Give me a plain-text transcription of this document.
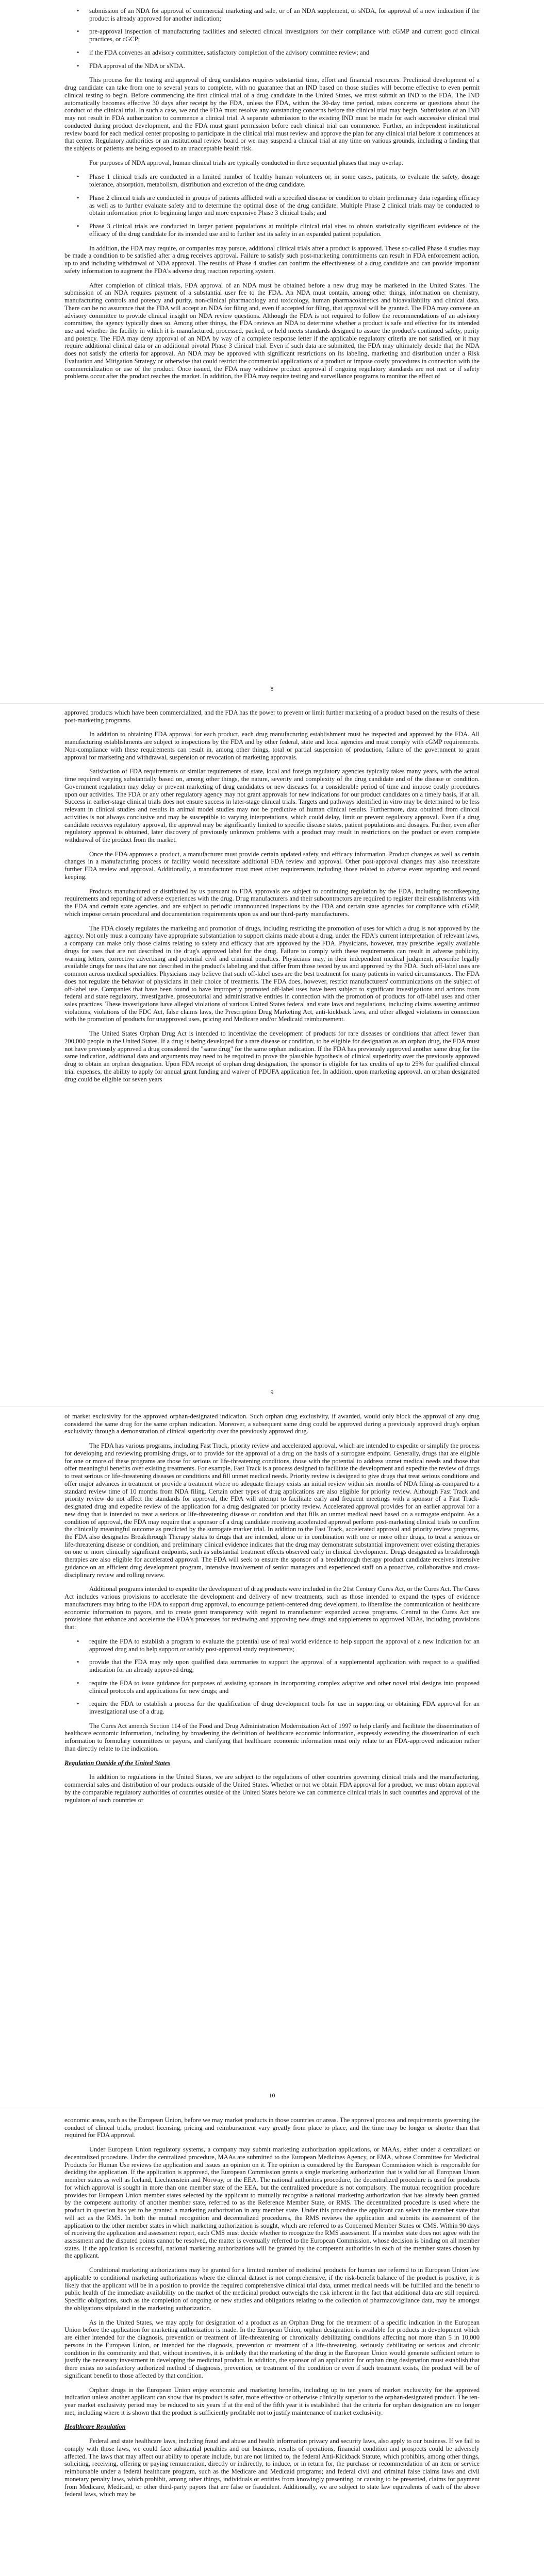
• submission of an NDA for approval of commercial marketing and sale, or of an NDA supplement, or sNDA, for approval of a new indication if the product is already approved for another indication;
• pre-approval inspection of manufacturing facilities and selected clinical investigators for their compliance with cGMP and current good clinical practices, or cGCP;
• if the FDA convenes an advisory committee, satisfactory completion of the advisory committee review; and
• FDA approval of the NDA or sNDA.

This process for the testing and approval of drug candidates requires substantial time, effort and financial resources. Preclinical development of a drug candidate can take from one to several years to complete, with no guarantee that an IND based on those studies will become effective to even permit clinical testing to begin. Before commencing the first clinical trial of a drug candidate in the United States, we must submit an IND to the FDA. The IND automatically becomes effective 30 days after receipt by the FDA, unless the FDA, within the 30-day time period, raises concerns or questions about the conduct of the clinical trial. In such a case, we and the FDA must resolve any outstanding concerns before the clinical trial may begin. Submission of an IND may not result in FDA authorization to commence a clinical trial. A separate submission to the existing IND must be made for each successive clinical trial conducted during product development, and the FDA must grant permission before each clinical trial can commence. Further, an independent institutional review board for each medical center proposing to participate in the clinical trial must review and approve the plan for any clinical trial before it commences at that center. Regulatory authorities or an institutional review board or we may suspend a clinical trial at any time on various grounds, including a finding that the subjects or patients are being exposed to an unacceptable health risk.

For purposes of NDA approval, human clinical trials are typically conducted in three sequential phases that may overlap.

• Phase 1 clinical trials are conducted in a limited number of healthy human volunteers or, in some cases, patients, to evaluate the safety, dosage tolerance, absorption, metabolism, distribution and excretion of the drug candidate.
• Phase 2 clinical trials are conducted in groups of patients afflicted with a specified disease or condition to obtain preliminary data regarding efficacy as well as to further evaluate safety and to determine the optimal dose of the drug candidate. Multiple Phase 2 clinical trials may be conducted to obtain information prior to beginning larger and more expensive Phase 3 clinical trials; and
• Phase 3 clinical trials are conducted in larger patient populations at multiple clinical trial sites to obtain statistically significant evidence of the efficacy of the drug candidate for its intended use and to further test its safety in an expanded patient population.

In addition, the FDA may require, or companies may pursue, additional clinical trials after a product is approved. These so-called Phase 4 studies may be made a condition to be satisfied after a drug receives approval. Failure to satisfy such post-marketing commitments can result in FDA enforcement action, up to and including withdrawal of NDA approval. The results of Phase 4 studies can confirm the effectiveness of a drug candidate and can provide important safety information to augment the FDA's adverse drug reaction reporting system.

After completion of clinical trials, FDA approval of an NDA must be obtained before a new drug may be marketed in the United States. The submission of an NDA requires payment of a substantial user fee to the FDA. An NDA must contain, among other things, information on chemistry, manufacturing controls and potency and purity, non-clinical pharmacology and toxicology, human pharmacokinetics and bioavailability and clinical data. There can be no assurance that the FDA will accept an NDA for filing and, even if accepted for filing, that approval will be granted. The FDA may convene an advisory committee to provide clinical insight on NDA review questions. Although the FDA is not required to follow the recommendations of an advisory committee, the agency typically does so. Among other things, the FDA reviews an NDA to determine whether a product is safe and effective for its intended use and whether the facility in which it is manufactured, processed, packed, or held meets standards designed to assure the product's continued safety, purity and potency. The FDA may deny approval of an NDA by way of a complete response letter if the applicable regulatory criteria are not satisfied, or it may require additional clinical data or an additional pivotal Phase 3 clinical trial. Even if such data are submitted, the FDA may ultimately decide that the NDA does not satisfy the criteria for approval. An NDA may be approved with significant restrictions on its labeling, marketing and distribution under a Risk Evaluation and Mitigation Strategy or otherwise that could restrict the commercial applications of a product or impose costly procedures in connection with the commercialization or use of the product. Once issued, the FDA may withdraw product approval if ongoing regulatory standards are not met or if safety problems occur after the product reaches the market. In addition, the FDA may require testing and surveillance programs to monitor the effect of

8

approved products which have been commercialized, and the FDA has the power to prevent or limit further marketing of a product based on the results of these post-marketing programs.

In addition to obtaining FDA approval for each product, each drug manufacturing establishment must be inspected and approved by the FDA. All manufacturing establishments are subject to inspections by the FDA and by other federal, state and local agencies and must comply with cGMP requirements. Non-compliance with these requirements can result in, among other things, total or partial suspension of production, failure of the government to grant approval for marketing and withdrawal, suspension or revocation of marketing approvals.

Satisfaction of FDA requirements or similar requirements of state, local and foreign regulatory agencies typically takes many years, with the actual time required varying substantially based on, among other things, the nature, severity and complexity of the drug candidate and of the disease or condition. Government regulation may delay or prevent marketing of drug candidates or new diseases for a considerable period of time and impose costly procedures upon our activities. The FDA or any other regulatory agency may not grant approvals for new indications for our product candidates on a timely basis, if at all. Success in earlier-stage clinical trials does not ensure success in later-stage clinical trials. Targets and pathways identified in vitro may be determined to be less relevant in clinical studies and results in animal model studies may not be predictive of human clinical results. Furthermore, data obtained from clinical activities is not always conclusive and may be susceptible to varying interpretations, which could delay, limit or prevent regulatory approval. Even if a drug candidate receives regulatory approval, the approval may be significantly limited to specific disease states, patient populations and dosages. Further, even after regulatory approval is obtained, later discovery of previously unknown problems with a product may result in restrictions on the product or even complete withdrawal of the product from the market.

Once the FDA approves a product, a manufacturer must provide certain updated safety and efficacy information. Product changes as well as certain changes in a manufacturing process or facility would necessitate additional FDA review and approval. Other post-approval changes may also necessitate further FDA review and approval. Additionally, a manufacturer must meet other requirements including those related to adverse event reporting and record keeping.

Products manufactured or distributed by us pursuant to FDA approvals are subject to continuing regulation by the FDA, including recordkeeping requirements and reporting of adverse experiences with the drug. Drug manufacturers and their subcontractors are required to register their establishments with the FDA and certain state agencies, and are subject to periodic unannounced inspections by the FDA and certain state agencies for compliance with cGMP, which impose certain procedural and documentation requirements upon us and our third-party manufacturers.

The FDA closely regulates the marketing and promotion of drugs, including restricting the promotion of uses for which a drug is not approved by the agency. Not only must a company have appropriate substantiation to support claims made about a drug, under the FDA's current interpretation of relevant laws, a company can make only those claims relating to safety and efficacy that are approved by the FDA. Physicians, however, may prescribe legally available drugs for uses that are not described in the drug's approved label for the drug. Failure to comply with these requirements can result in adverse publicity, warning letters, corrective advertising and potential civil and criminal penalties. Physicians may, in their independent medical judgment, prescribe legally available drugs for uses that are not described in the product's labeling and that differ from those tested by us and approved by the FDA. Such off-label uses are common across medical specialties. Physicians may believe that such off-label uses are the best treatment for many patients in varied circumstances. The FDA does not regulate the behavior of physicians in their choice of treatments. The FDA does, however, restrict manufacturers' communications on the subject of off-label use. Companies that have been found to have improperly promoted off-label uses have been subject to significant investigations and actions from federal and state regulatory, investigative, prosecutorial and administrative entities in connection with the promotion of products for off-label uses and other sales practices. These investigations have alleged violations of various United States federal and state laws and regulations, including claims asserting antitrust violations, violations of the FDC Act, false claims laws, the Prescription Drug Marketing Act, anti-kickback laws, and other alleged violations in connection with the promotion of products for unapproved uses, pricing and Medicare and/or Medicaid reimbursement.

The United States Orphan Drug Act is intended to incentivize the development of products for rare diseases or conditions that affect fewer than 200,000 people in the United States. If a drug is being developed for a rare disease or condition, to be eligible for designation as an orphan drug, the FDA must not have previously approved a drug considered the "same drug" for the same orphan indication. If the FDA has previously approved another same drug for the same indication, additional data and arguments may need to be required to prove the plausible hypothesis of clinical superiority over the previously approved drug to obtain an orphan designation. Upon FDA receipt of orphan drug designation, the sponsor is eligible for tax credits of up to 25% for qualified clinical trial expenses, the ability to apply for annual grant funding and waiver of PDUFA application fee. In addition, upon marketing approval, an orphan designated drug could be eligible for seven years

9

of market exclusivity for the approved orphan-designated indication. Such orphan drug exclusivity, if awarded, would only block the approval of any drug considered the same drug for the same orphan indication. Moreover, a subsequent same drug could be approved during a previously approved drug's orphan exclusivity through a demonstration of clinical superiority over the previously approved drug.

The FDA has various programs, including Fast Track, priority review and accelerated approval, which are intended to expedite or simplify the process for developing and reviewing promising drugs, or to provide for the approval of a drug on the basis of a surrogate endpoint. Generally, drugs that are eligible for one or more of these programs are those for serious or life-threatening conditions, those with the potential to address unmet medical needs and those that offer meaningful benefits over existing treatments. For example, Fast Track is a process designed to facilitate the development and expedite the review of drugs to treat serious or life-threatening diseases or conditions and fill unmet medical needs. Priority review is designed to give drugs that treat serious conditions and offer major advances in treatment or provide a treatment where no adequate therapy exists an initial review within six months of NDA filing as compared to a standard review time of 10 months from NDA filing. Certain other types of drug applications are also eligible for priority review. Although Fast Track and priority review do not affect the standards for approval, the FDA will attempt to facilitate early and frequent meetings with a sponsor of a Fast Track-designated drug and expedite review of the application for a drug designated for priority review. Accelerated approval provides for an earlier approval for a new drug that is intended to treat a serious or life-threatening disease or condition and that fills an unmet medical need based on a surrogate endpoint. As a condition of approval, the FDA may require that a sponsor of a drug candidate receiving accelerated approval perform post-marketing clinical trials to confirm the clinically meaningful outcome as predicted by the surrogate marker trial. In addition to the Fast Track, accelerated approval and priority review programs, the FDA also designates Breakthrough Therapy status to drugs that are intended, alone or in combination with one or more other drugs, to treat a serious or life-threatening disease or condition, and preliminary clinical evidence indicates that the drug may demonstrate substantial improvement over existing therapies on one or more clinically significant endpoints, such as substantial treatment effects observed early in clinical development. Drugs designated as breakthrough therapies are also eligible for accelerated approval. The FDA will seek to ensure the sponsor of a breakthrough therapy product candidate receives intensive guidance on an efficient drug development program, intensive involvement of senior managers and experienced staff on a proactive, collaborative and cross-disciplinary review and rolling review.

Additional programs intended to expedite the development of drug products were included in the 21st Century Cures Act, or the Cures Act. The Cures Act includes various provisions to accelerate the development and delivery of new treatments, such as those intended to expand the types of evidence manufacturers may bring to the FDA to support drug approval, to encourage patient-centered drug development, to liberalize the communication of healthcare economic information to payors, and to create grant transparency with regard to manufacturer expanded access programs. Central to the Cures Act are provisions that enhance and accelerate the FDA's processes for reviewing and approving new drugs and supplements to approved NDAs, including provisions that:

• require the FDA to establish a program to evaluate the potential use of real world evidence to help support the approval of a new indication for an approved drug and to help support or satisfy post-approval study requirements;
• provide that the FDA may rely upon qualified data summaries to support the approval of a supplemental application with respect to a qualified indication for an already approved drug;
• require the FDA to issue guidance for purposes of assisting sponsors in incorporating complex adaptive and other novel trial designs into proposed clinical protocols and applications for new drugs; and
• require the FDA to establish a process for the qualification of drug development tools for use in supporting or obtaining FDA approval for an investigational use of a drug.

The Cures Act amends Section 114 of the Food and Drug Administration Modernization Act of 1997 to help clarify and facilitate the dissemination of healthcare economic information, including by broadening the definition of healthcare economic information, expressly extending the dissemination of such information to formulary committees or payors, and clarifying that healthcare economic information must only relate to an FDA-approved indication rather than directly relate to the indication.

Regulation Outside of the United States

In addition to regulations in the United States, we are subject to the regulations of other countries governing clinical trials and the manufacturing, commercial sales and distribution of our products outside of the United States. Whether or not we obtain FDA approval for a product, we must obtain approval by the comparable regulatory authorities of countries outside of the United States before we can commence clinical trials in such countries and approval of the regulators of such countries or

10

economic areas, such as the European Union, before we may market products in those countries or areas. The approval process and requirements governing the conduct of clinical trials, product licensing, pricing and reimbursement vary greatly from place to place, and the time may be longer or shorter than that required for FDA approval.

Under European Union regulatory systems, a company may submit marketing authorization applications, or MAAs, either under a centralized or decentralized procedure. Under the centralized procedure, MAAs are submitted to the European Medicines Agency, or EMA, whose Committee for Medicinal Products for Human Use reviews the application and issues an opinion on it. The opinion is considered by the European Commission which is responsible for deciding the application. If the application is approved, the European Commission grants a single marketing authorization that is valid for all European Union member states as well as Iceland, Liechtenstein and Norway, or the EEA. The national authorities procedure, the decentralized procedure is used for products for which approval is sought in more than one member state of the EEA, but the centralized procedure is not compulsory. The mutual recognition procedure provides for European Union member states selected by the applicant to mutually recognize a national marketing authorization that has already been granted by the competent authority of another member state, referred to as the Reference Member State, or RMS. The decentralized procedure is used where the product in question has yet to be granted a marketing authorization in any member state. Under this procedure the applicant can select the member state that will act as the RMS. In both the mutual recognition and decentralized procedures, the RMS reviews the application and submits its assessment of the application to the other member states in which marketing authorization is sought, which are referred to as Concerned Member States or CMS. Within 90 days of receiving the application and assessment report, each CMS must decide whether to recognize the RMS assessment. If a member state does not agree with the assessment and the disputed points cannot be resolved, the matter is eventually referred to the European Commission, whose decision is binding on all member states. If the application is successful, national marketing authorizations will be granted by the competent authorities in each of the member states chosen by the applicant.

Conditional marketing authorizations may be granted for a limited number of medicinal products for human use referred to in European Union law applicable to conditional marketing authorizations where the clinical dataset is not comprehensive, if the risk-benefit balance of the product is positive, it is likely that the applicant will be in a position to provide the required comprehensive clinical trial data, unmet medical needs will be fulfilled and the benefit to public health of the immediate availability on the market of the medicinal product outweighs the risk inherent in the fact that additional data are still required. Specific obligations, such as the completion of ongoing or new studies and obligations relating to the collection of pharmacovigilance data, may be amongst the obligations stipulated in the marketing authorization.

As in the United States, we may apply for designation of a product as an Orphan Drug for the treatment of a specific indication in the European Union before the application for marketing authorization is made. In the European Union, orphan designation is available for products in development which are either intended for the diagnosis, prevention or treatment of life-threatening or chronically debilitating conditions affecting not more than 5 in 10,000 persons in the European Union, or intended for the diagnosis, prevention or treatment of a life-threatening, seriously debilitating or serious and chronic condition in the community and that, without incentives, it is unlikely that the marketing of the drug in the European Union would generate sufficient return to justify the necessary investment in developing the medicinal product. In addition, the sponsor of an application for orphan drug designation must establish that there exists no satisfactory authorized method of diagnosis, prevention, or treatment of the condition or even if such treatment exists, the product will be of significant benefit to those affected by that condition.

Orphan drugs in the European Union enjoy economic and marketing benefits, including up to ten years of market exclusivity for the approved indication unless another applicant can show that its product is safer, more effective or otherwise clinically superior to the orphan-designated product. The ten-year market exclusivity period may be reduced to six years if at the end of the fifth year it is established that the criteria for orphan designation are no longer met, including where it is shown that the product is sufficiently profitable not to justify maintenance of market exclusivity.

Healthcare Regulation

Federal and state healthcare laws, including fraud and abuse and health information privacy and security laws, also apply to our business. If we fail to comply with those laws, we could face substantial penalties and our business, results of operations, financial condition and prospects could be adversely affected. The laws that may affect our ability to operate include, but are not limited to, the federal Anti-Kickback Statute, which prohibits, among other things, soliciting, receiving, offering or paying remuneration, directly or indirectly, to induce, or in return for, the purchase or recommendation of an item or service reimbursable under a federal healthcare program, such as the Medicare and Medicaid programs; and federal civil and criminal false claims laws and civil monetary penalty laws, which prohibit, among other things, individuals or entities from knowingly presenting, or causing to be presented, claims for payment from Medicare, Medicaid, or other third-party payors that are false or fraudulent. Additionally, we are subject to state law equivalents of each of the above federal laws, which may be
